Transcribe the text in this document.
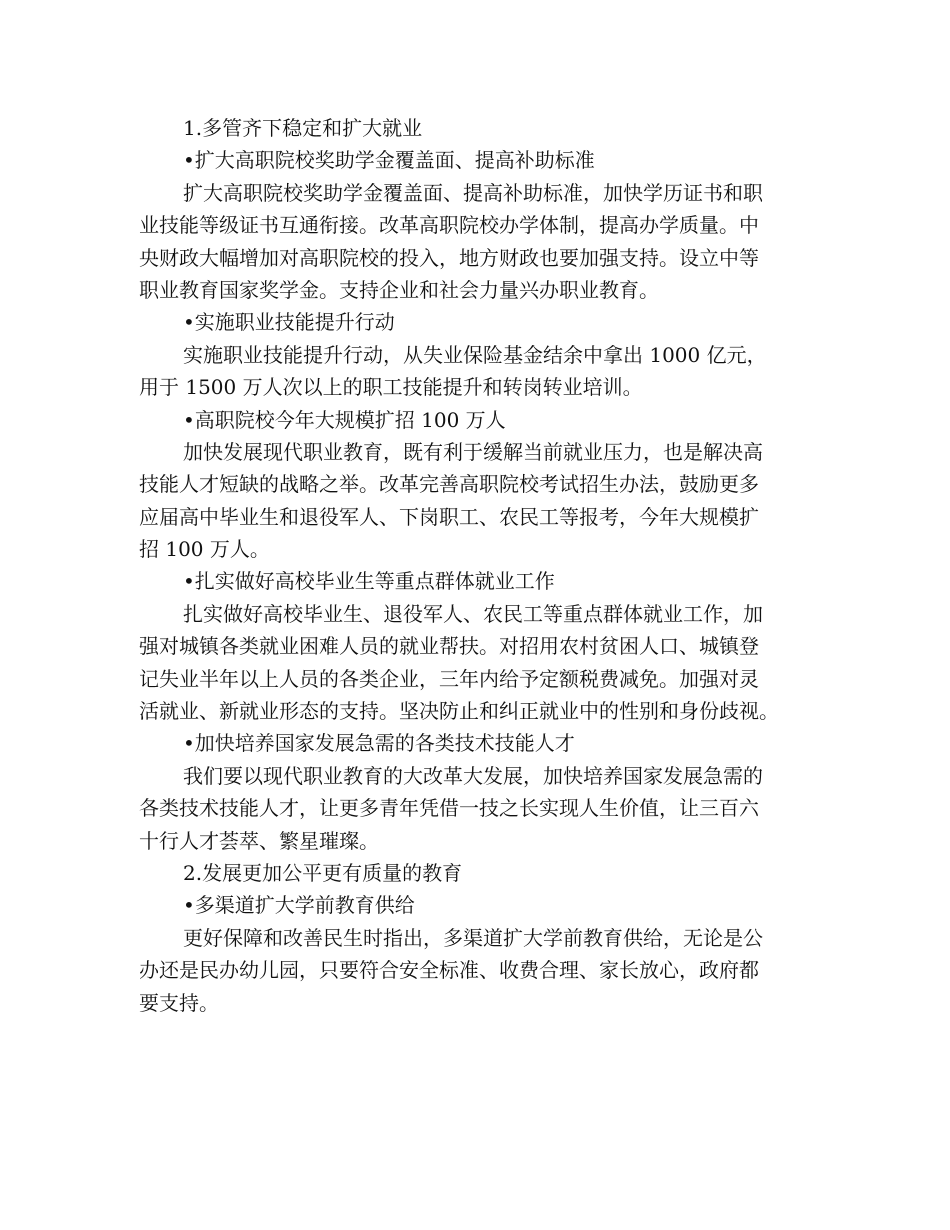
1.多管齐下稳定和扩大就业
•扩大高职院校奖助学金覆盖面、提高补助标准
扩大高职院校奖助学金覆盖面、提高补助标准，加快学历证书和职
业技能等级证书互通衔接。改革高职院校办学体制，提高办学质量。中
央财政大幅增加对高职院校的投入，地方财政也要加强支持。设立中等
职业教育国家奖学金。支持企业和社会力量兴办职业教育。
•实施职业技能提升行动
实施职业技能提升行动，从失业保险基金结余中拿出 1000 亿元，
用于 1500 万人次以上的职工技能提升和转岗转业培训。
•高职院校今年大规模扩招 100 万人
加快发展现代职业教育，既有利于缓解当前就业压力，也是解决高
技能人才短缺的战略之举。改革完善高职院校考试招生办法，鼓励更多
应届高中毕业生和退役军人、下岗职工、农民工等报考，今年大规模扩
招 100 万人。
•扎实做好高校毕业生等重点群体就业工作
扎实做好高校毕业生、退役军人、农民工等重点群体就业工作，加
强对城镇各类就业困难人员的就业帮扶。对招用农村贫困人口、城镇登
记失业半年以上人员的各类企业，三年内给予定额税费减免。加强对灵
活就业、新就业形态的支持。坚决防止和纠正就业中的性别和身份歧视。
•加快培养国家发展急需的各类技术技能人才
我们要以现代职业教育的大改革大发展，加快培养国家发展急需的
各类技术技能人才，让更多青年凭借一技之长实现人生价值，让三百六
十行人才荟萃、繁星璀璨。
2.发展更加公平更有质量的教育
•多渠道扩大学前教育供给
更好保障和改善民生时指出，多渠道扩大学前教育供给，无论是公
办还是民办幼儿园，只要符合安全标准、收费合理、家长放心，政府都
要支持。
